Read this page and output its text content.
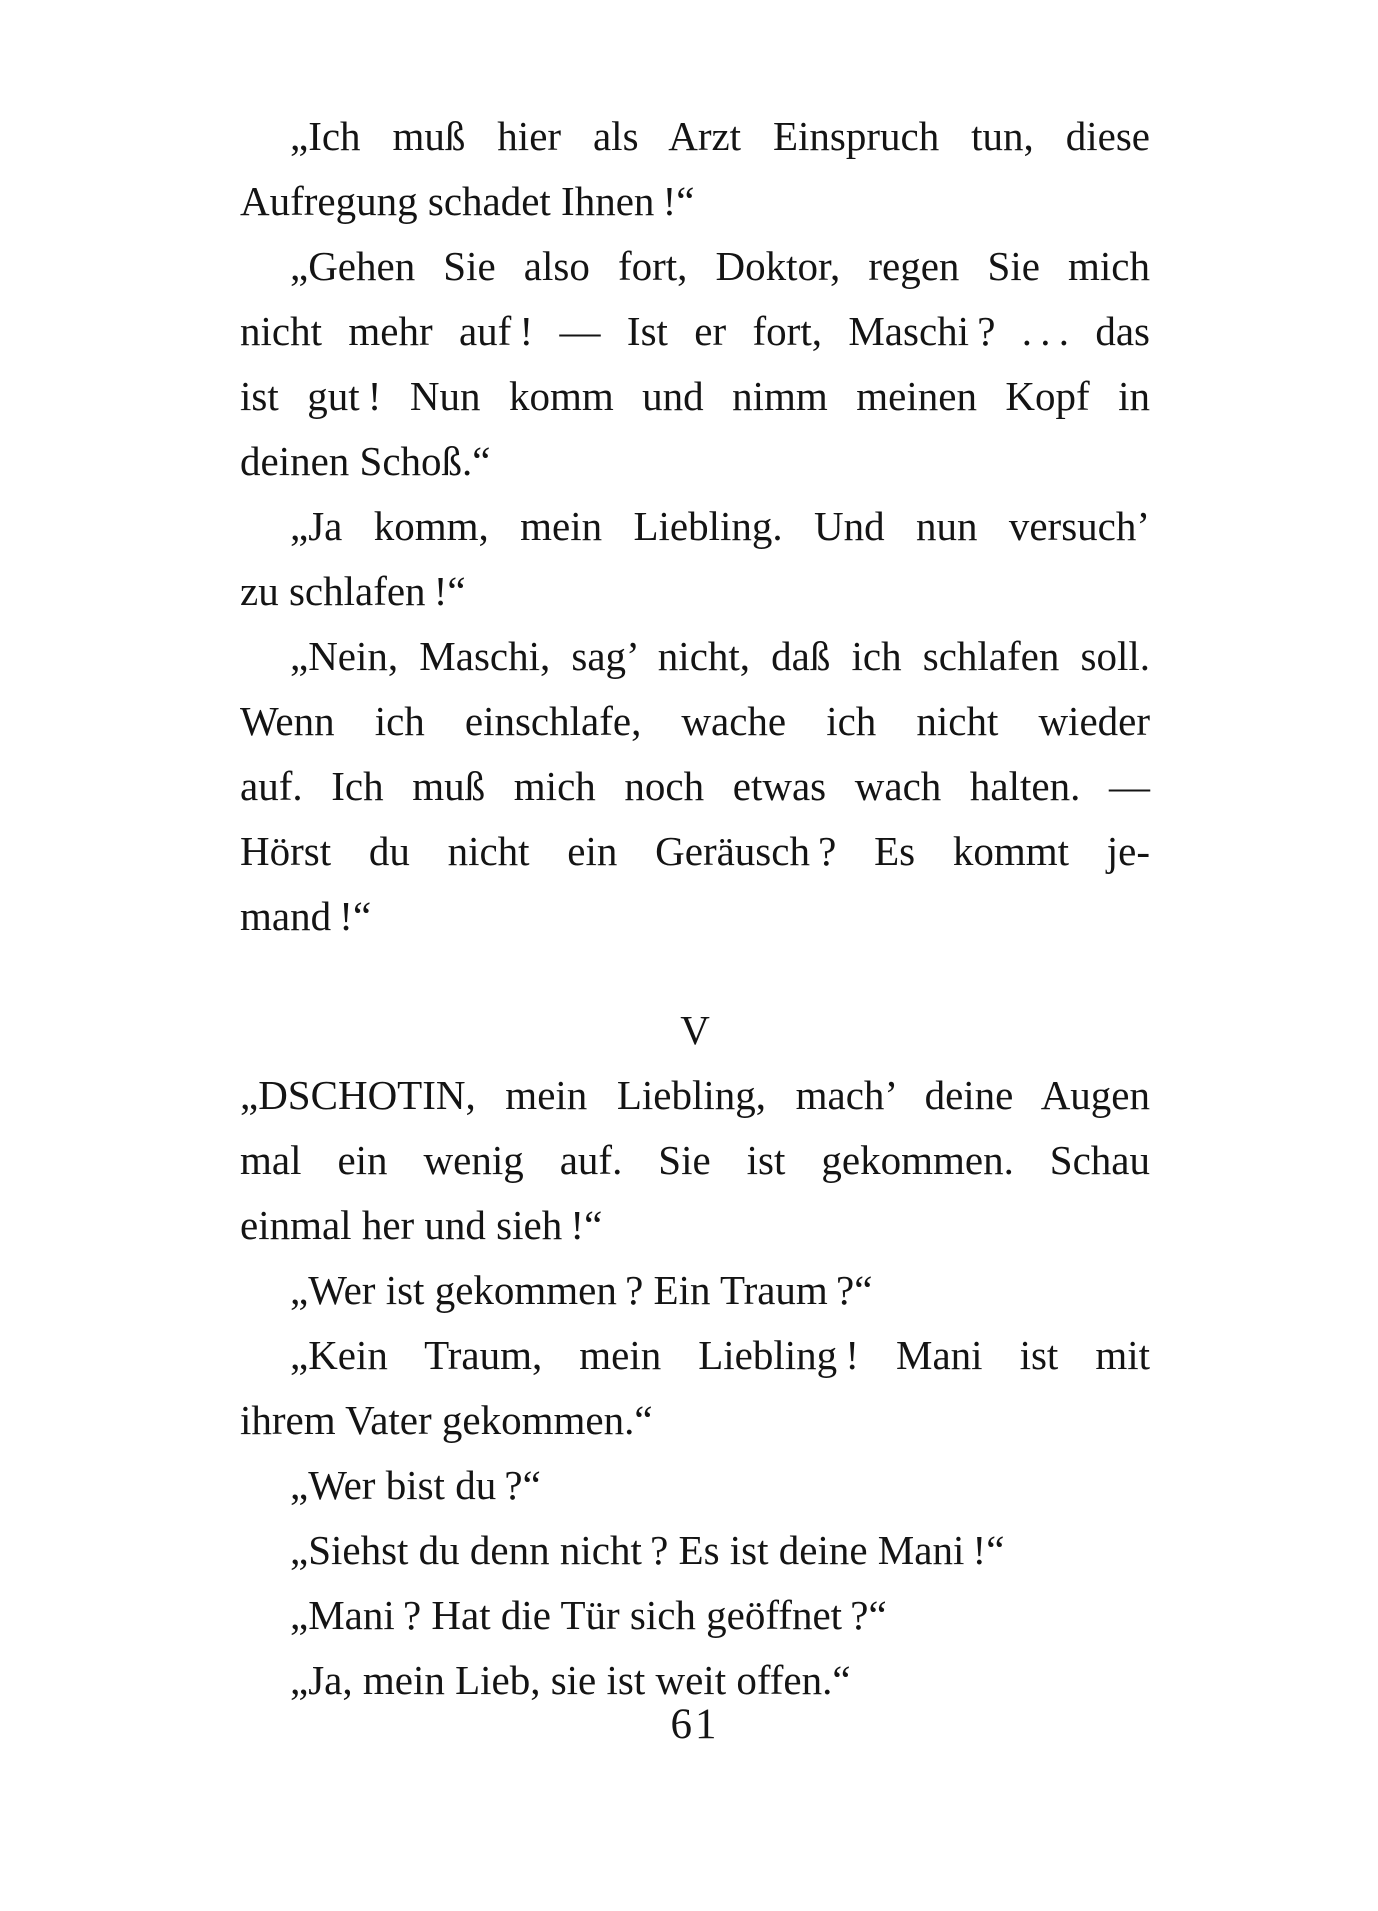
„Ich muß hier als Arzt Einspruch tun, diese
Aufregung schadet Ihnen !“

„Gehen Sie also fort, Doktor, regen Sie mich
nicht mehr auf ! — Ist er fort, Maschi ? . . . das
ist gut ! Nun komm und nimm meinen Kopf in
deinen Schoß.“

„Ja komm, mein Liebling. Und nun versuch’
zu schlafen !“

„Nein, Maschi, sag’ nicht, daß ich schlafen soll.
Wenn ich einschlafe, wache ich nicht wieder
auf. Ich muß mich noch etwas wach halten. —
Hörst du nicht ein Geräusch ? Es kommt je-
mand !“

V

„DSCHOTIN, mein Liebling, mach’ deine Augen
mal ein wenig auf. Sie ist gekommen. Schau
einmal her und sieh !“

„Wer ist gekommen ? Ein Traum ?“

„Kein Traum, mein Liebling ! Mani ist mit
ihrem Vater gekommen.“

„Wer bist du ?“

„Siehst du denn nicht ? Es ist deine Mani !“

„Mani ? Hat die Tür sich geöffnet ?“

„Ja, mein Lieb, sie ist weit offen.“

61
